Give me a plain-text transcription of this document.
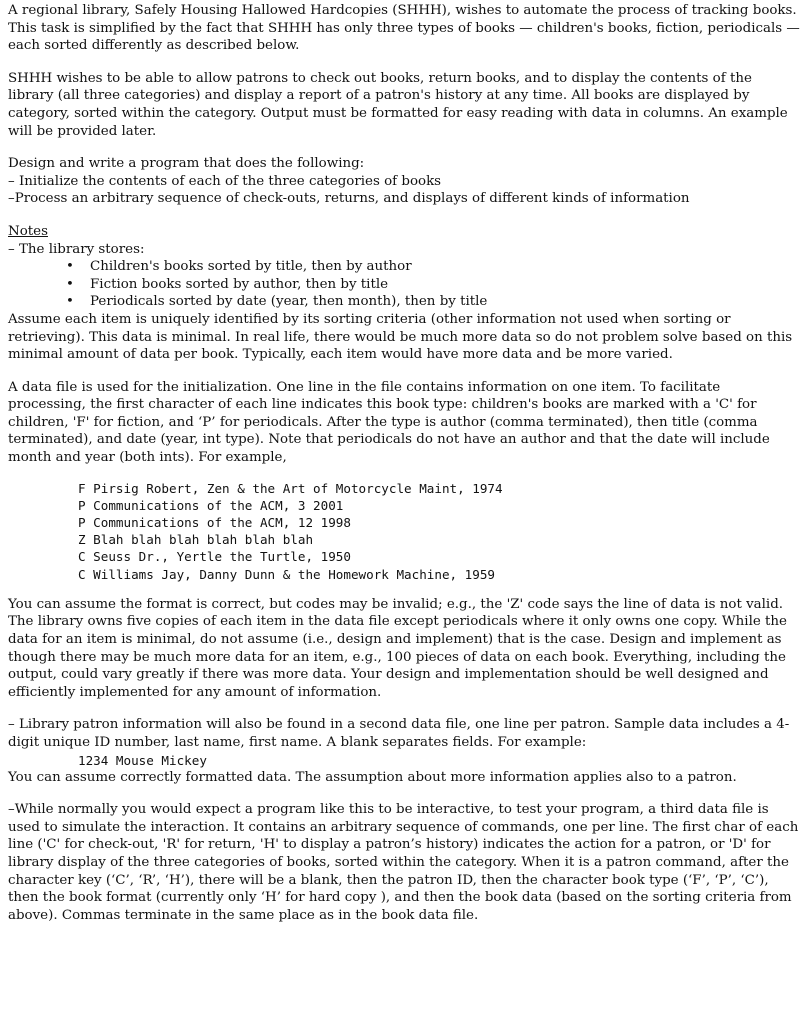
A regional library, Safely Housing Hallowed Hardcopies (SHHH), wishes to automate the process of tracking books. This task is simplified by the fact that SHHH has only three types of books — children's books, fiction, periodicals — each sorted differently as described below.

SHHH wishes to be able to allow patrons to check out books, return books, and to display the contents of the library (all three categories) and display a report of a patron's history at any time. All books are displayed by category, sorted within the category. Output must be formatted for easy reading with data in columns. An example will be provided later.

Design and write a program that does the following:

– Initialize the contents of each of the three categories of books

–Process an arbitrary sequence of check-outs, returns, and displays of different kinds of information

Notes

– The library stores:

• Children's books sorted by title, then by author
• Fiction books sorted by author, then by title
• Periodicals sorted by date (year, then month), then by title

Assume each item is uniquely identified by its sorting criteria (other information not used when sorting or retrieving). This data is minimal. In real life, there would be much more data so do not problem solve based on this minimal amount of data per book. Typically, each item would have more data and be more varied.

A data file is used for the initialization. One line in the file contains information on one item. To facilitate processing, the first character of each line indicates this book type: children's books are marked with a 'C' for children, 'F' for fiction, and ‘P’ for periodicals. After the type is author (comma terminated), then title (comma terminated), and date (year, int type). Note that periodicals do not have an author and that the date will include month and year (both ints). For example,

F Pirsig Robert, Zen & the Art of Motorcycle Maint, 1974
P Communications of the ACM, 3 2001
P Communications of the ACM, 12 1998
Z Blah blah blah blah blah blah
C Seuss Dr., Yertle the Turtle, 1950
C Williams Jay, Danny Dunn & the Homework Machine, 1959

You can assume the format is correct, but codes may be invalid; e.g., the 'Z' code says the line of data is not valid. The library owns five copies of each item in the data file except periodicals where it only owns one copy. While the data for an item is minimal, do not assume (i.e., design and implement) that is the case. Design and implement as though there may be much more data for an item, e.g., 100 pieces of data on each book. Everything, including the output, could vary greatly if there was more data. Your design and implementation should be well designed and efficiently implemented for any amount of information.

– Library patron information will also be found in a second data file, one line per patron. Sample data includes a 4-digit unique ID number, last name, first name. A blank separates fields. For example:

1234 Mouse Mickey

You can assume correctly formatted data. The assumption about more information applies also to a patron.

–While normally you would expect a program like this to be interactive, to test your program, a third data file is used to simulate the interaction. It contains an arbitrary sequence of commands, one per line. The first char of each line ('C' for check-out, 'R' for return, 'H' to display a patron’s history) indicates the action for a patron, or 'D' for library display of the three categories of books, sorted within the category. When it is a patron command, after the character key (‘C’, ‘R’, ‘H’), there will be a blank, then the patron ID, then the character book type (‘F’, ‘P’, ‘C’), then the book format (currently only ‘H’ for hard copy ), and then the book data (based on the sorting criteria from above). Commas terminate in the same place as in the book data file.
